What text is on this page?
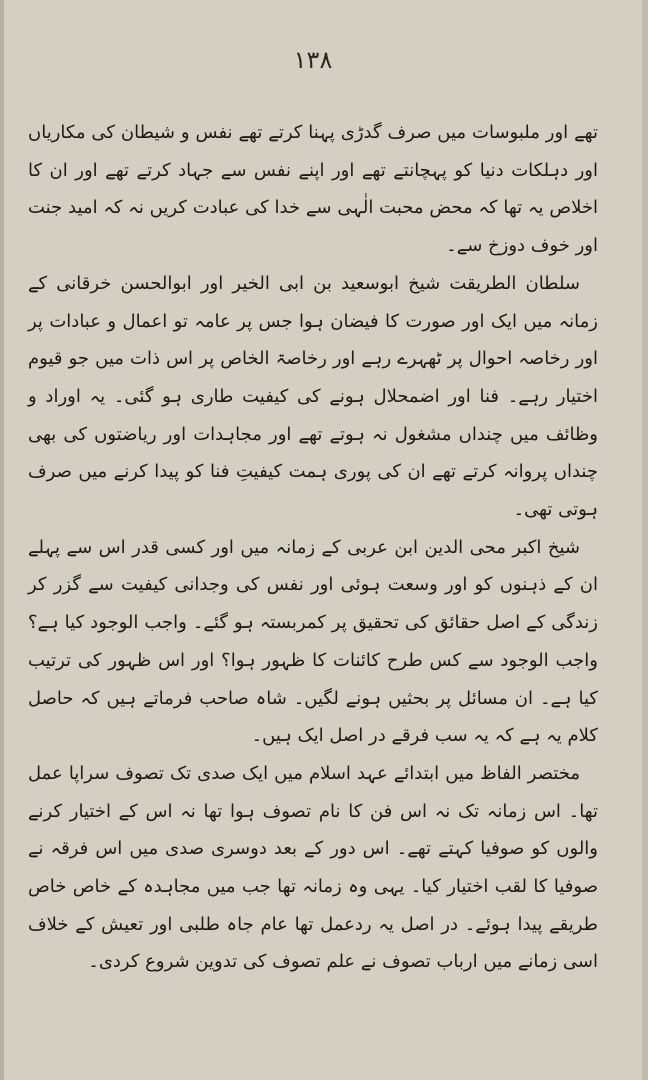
۱۳۸

تھے اور ملبوسات میں صرف گدڑی پہنا کرتے تھے نفس و شیطان کی مکاریاں اور دہلکات دنیا کو پہچانتے تھے اور اپنے نفس سے جہاد کرتے تھے اور ان کا اخلاص یہ تھا کہ محض محبت الٰہی سے خدا کی عبادت کریں نہ کہ امید جنت اور خوف دوزخ سے۔

سلطان الطریقت شیخ ابوسعید بن ابی الخیر اور ابوالحسن خرقانی کے زمانہ میں ایک اور صورت کا فیضان ہوا جس پر عامہ تو اعمال و عبادات پر اور رخاصہ احوال پر ٹھہرے رہے اور رخاصۃ الخاص پر اس ذات میں جو قیوم اختیار رہے۔ فنا اور اضمحلال ہونے کی کیفیت طاری ہو گئی۔ یہ اوراد و وظائف میں چنداں مشغول نہ ہوتے تھے اور مجاہدات اور ریاضتوں کی بھی چنداں پروانہ کرتے تھے ان کی پوری ہمت کیفیتِ فنا کو پیدا کرنے میں صرف ہوتی تھی۔

شیخ اکبر محی الدین ابن عربی کے زمانہ میں اور کسی قدر اس سے پہلے ان کے ذہنوں کو اور وسعت ہوئی اور نفس کی وجدانی کیفیت سے گزر کر زندگی کے اصل حقائق کی تحقیق پر کمربستہ ہو گئے۔ واجب الوجود کیا ہے؟ واجب الوجود سے کس طرح کائنات کا ظہور ہوا؟ اور اس ظہور کی ترتیب کیا ہے۔ ان مسائل پر بحثیں ہونے لگیں۔ شاہ صاحب فرماتے ہیں کہ حاصل کلام یہ ہے کہ یہ سب فرقے در اصل ایک ہیں۔

مختصر الفاظ میں ابتدائے عہد اسلام میں ایک صدی تک تصوف سراپا عمل تھا۔ اس زمانہ تک نہ اس فن کا نام تصوف ہوا تھا نہ اس کے اختیار کرنے والوں کو صوفیا کہتے تھے۔ اس دور کے بعد دوسری صدی میں اس فرقہ نے صوفیا کا لقب اختیار کیا۔ یہی وہ زمانہ تھا جب میں مجاہدہ کے خاص خاص طریقے پیدا ہوئے۔ در اصل یہ ردعمل تھا عام جاہ طلبی اور تعیش کے خلاف اسی زمانے میں ارباب تصوف نے علم تصوف کی تدوین شروع کردی۔
